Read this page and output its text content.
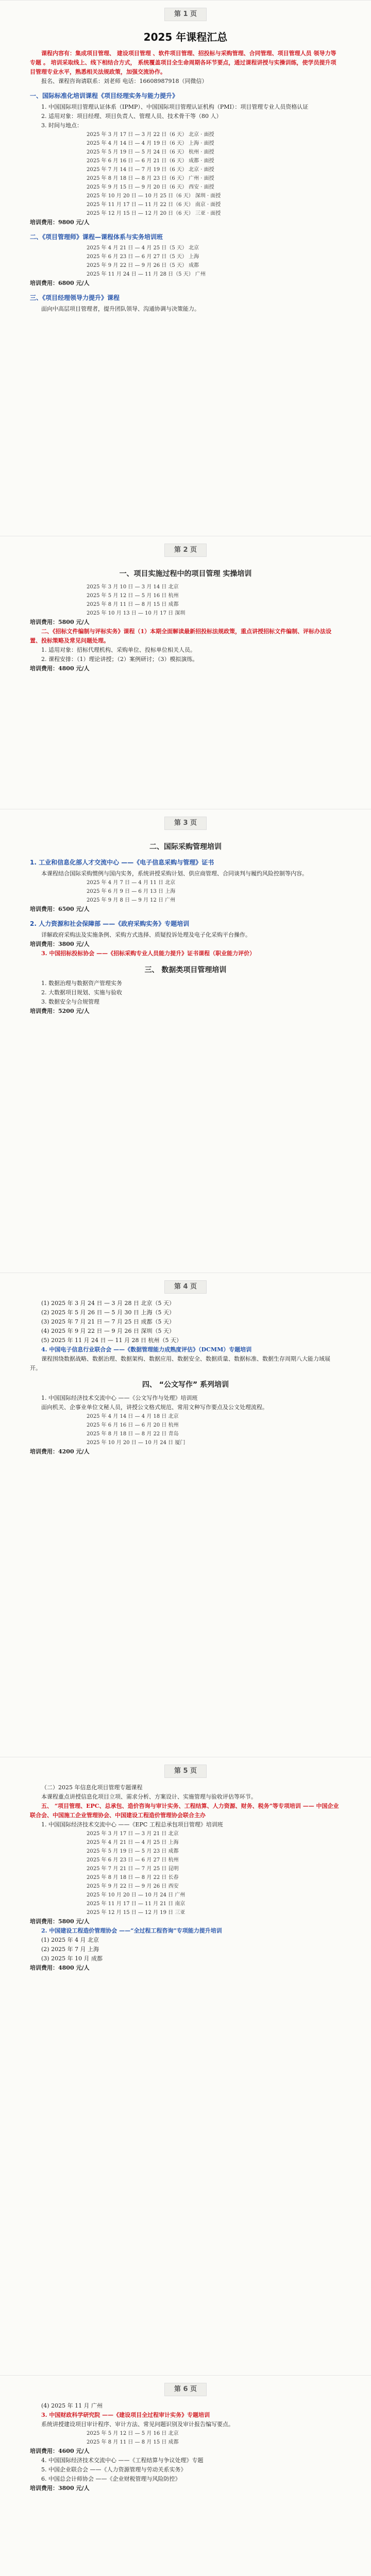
第 1 页
2025 年课程汇总

课程内容有：集成项目管理、 建设项目管理 、软件项目管理、招投标与采购管理、合同管理、项目管理人员 领导力等专题 。 培训采取线上、线下相结合方式， 系统覆盖项目全生命周期各环节要点，通过课程讲授与实操训练，使学员提升项目管理专业水平，熟悉相关法规政策，加强交流协作。

报名、课程咨询请联系：刘老师 电话：16608987918（同微信）

一、国际标准化培训课程《项目经理实务与能力提升》

1. 中国国际项目管理认证体系（IPMP）、中国国际项目管理认证机构（PMI）：项目管理专业人员资格认证

2. 适用对象：项目经理、项目负责人、管理人员、技术骨干等（80 人）

3. 时间与地点：

2025 年 3 月 17 日 — 3 月 22 日（6 天） 北京 · 面授

2025 年 4 月 14 日 — 4 月 19 日（6 天） 上海 · 面授

2025 年 5 月 19 日 — 5 月 24 日（6 天） 杭州 · 面授

2025 年 6 月 16 日 — 6 月 21 日（6 天） 成都 · 面授

2025 年 7 月 14 日 — 7 月 19 日（6 天） 北京 · 面授

2025 年 8 月 18 日 — 8 月 23 日（6 天） 广州 · 面授

2025 年 9 月 15 日 — 9 月 20 日（6 天） 西安 · 面授

2025 年 10 月 20 日 — 10 月 25 日（6 天） 深圳 · 面授

2025 年 11 月 17 日 — 11 月 22 日（6 天） 南京 · 面授

2025 年 12 月 15 日 — 12 月 20 日（6 天） 三亚 · 面授

培训费用：9800 元/人

二、《项目管理师》课程—课程体系与实务培训班

2025 年 4 月 21 日 — 4 月 25 日（5 天） 北京

2025 年 6 月 23 日 — 6 月 27 日（5 天） 上海

2025 年 9 月 22 日 — 9 月 26 日（5 天） 成都

2025 年 11 月 24 日 — 11 月 28 日（5 天） 广州

培训费用：6800 元/人

三、《项目经理领导力提升》课程

面向中高层项目管理者，提升团队领导、沟通协调与决策能力。

第 2 页
一、项目实施过程中的项目管理 实操培训

2025 年 3 月 10 日 — 3 月 14 日 北京

2025 年 5 月 12 日 — 5 月 16 日 杭州

2025 年 8 月 11 日 — 8 月 15 日 成都

2025 年 10 月 13 日 — 10 月 17 日 深圳

培训费用：5800 元/人

二、《招标文件编制与评标实务》课程（1）本期全面解读最新招投标法规政策，重点讲授招标文件编制、评标办法设置、投标策略及常见问题处理。

1. 适用对象：招标代理机构、采购单位、投标单位相关人员。

2. 课程安排：（1）理论讲授；（2）案例研讨；（3）模拟演练。

培训费用：4800 元/人

第 3 页
二、国际采购管理培训
1. 工业和信息化部人才交流中心 ——《电子信息采购与管理》证书

本课程结合国际采购惯例与国内实务，系统讲授采购计划、供应商管理、合同谈判与履约风险控制等内容。

2025 年 4 月 7 日 — 4 月 11 日 北京

2025 年 6 月 9 日 — 6 月 13 日 上海

2025 年 9 月 8 日 — 9 月 12 日 广州

培训费用：6500 元/人

2. 人力资源和社会保障部 ——《政府采购实务》专题培训

详解政府采购法及实施条例、采购方式选择、质疑投诉处理及电子化采购平台操作。

培训费用：3800 元/人

3. 中国招标投标协会 ——《招标采购专业人员能力提升》证书课程（职业能力评价）

三、 数据类项目管理培训

1. 数据治理与数据资产管理实务

2. 大数据项目规划、实施与验收

3. 数据安全与合规管理

培训费用：5200 元/人

第 4 页

(1) 2025 年 3 月 24 日 — 3 月 28 日 北京（5 天）

(2) 2025 年 5 月 26 日 — 5 月 30 日 上海（5 天）

(3) 2025 年 7 月 21 日 — 7 月 25 日 成都（5 天）

(4) 2025 年 9 月 22 日 — 9 月 26 日 深圳（5 天）

(5) 2025 年 11 月 24 日 — 11 月 28 日 杭州（5 天）

4. 中国电子信息行业联合会 ——《数据管理能力成熟度评估》（DCMM）专题培训

课程围绕数据战略、数据治理、数据架构、数据应用、数据安全、数据质量、数据标准、数据生存周期八大能力域展开。

四、 “公文写作” 系列培训

1. 中国国际经济技术交流中心 ——《公文写作与处理》培训班

面向机关、企事业单位文秘人员，讲授公文格式规范、常用文种写作要点及公文处理流程。

2025 年 4 月 14 日 — 4 月 18 日 北京

2025 年 6 月 16 日 — 6 月 20 日 杭州

2025 年 8 月 18 日 — 8 月 22 日 青岛

2025 年 10 月 20 日 — 10 月 24 日 厦门

培训费用：4200 元/人

第 5 页

（二）2025 年信息化项目管理专题课程

本课程重点讲授信息化项目立项、需求分析、方案设计、实施管理与验收评估等环节。

五、 “项目管理、EPC、总承包、造价咨询与审计实务、工程结算、人力资源、财务、税务”等专项培训 —— 中国企业联合会、中国施工企业管理协会、中国建设工程造价管理协会联合主办

1. 中国国际经济技术交流中心 ——《EPC 工程总承包项目管理》培训班

2025 年 3 月 17 日 — 3 月 21 日 北京

2025 年 4 月 21 日 — 4 月 25 日 上海

2025 年 5 月 19 日 — 5 月 23 日 成都

2025 年 6 月 23 日 — 6 月 27 日 杭州

2025 年 7 月 21 日 — 7 月 25 日 昆明

2025 年 8 月 18 日 — 8 月 22 日 长春

2025 年 9 月 22 日 — 9 月 26 日 西安

2025 年 10 月 20 日 — 10 月 24 日 广州

2025 年 11 月 17 日 — 11 月 21 日 南京

2025 年 12 月 15 日 — 12 月 19 日 三亚

培训费用：5800 元/人

2. 中国建设工程造价管理协会 ——“全过程工程咨询”专项能力提升培训

(1) 2025 年 4 月 北京

(2) 2025 年 7 月 上海

(3) 2025 年 10 月 成都

培训费用：4800 元/人

第 6 页

(4) 2025 年 11 月 广州

3. 中国财政科学研究院 ——《建设项目全过程审计实务》专题培训

系统讲授建设项目审计程序、审计方法、常见问题识别及审计报告编写要点。

2025 年 5 月 12 日 — 5 月 16 日 北京

2025 年 8 月 11 日 — 8 月 15 日 成都

培训费用：4600 元/人

4. 中国国际经济技术交流中心 ——《工程结算与争议处理》专题

5. 中国企业联合会 ——《人力资源管理与劳动关系实务》

6. 中国总会计师协会 ——《企业财税管理与风险防控》

培训费用：3800 元/人
